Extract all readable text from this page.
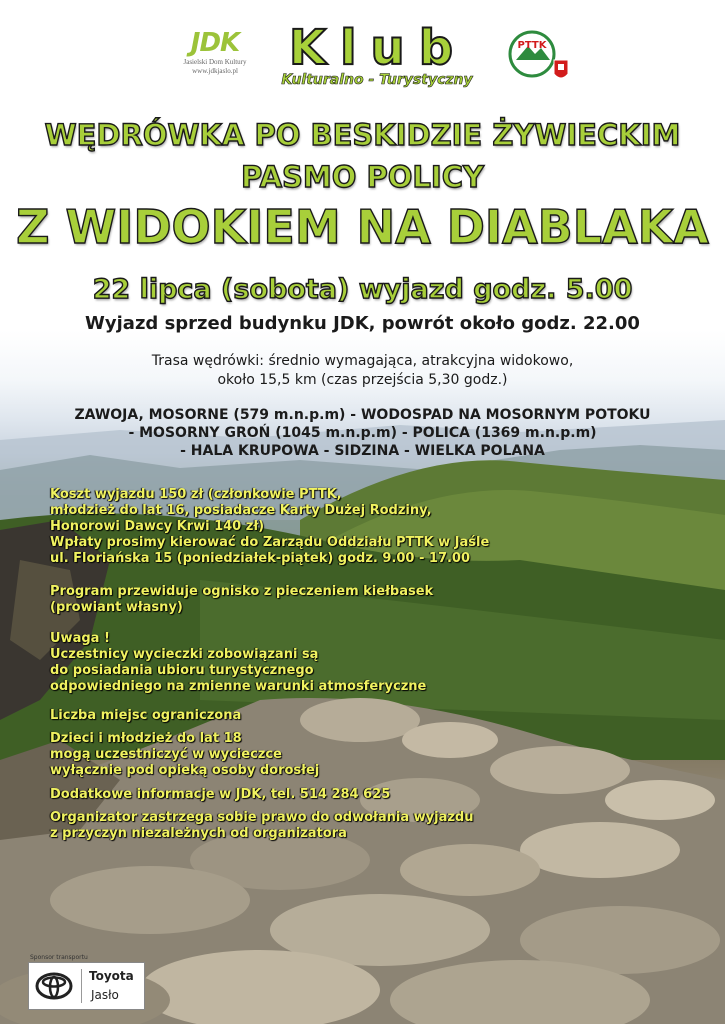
JDK
Jasielski Dom Kultury
www.jdkjaslo.pl	Klub
Kulturalno - Turystyczny
PTTK
WĘDRÓWKA PO BESKIDZIE ŻYWIECKIM
PASMO POLICY
Z WIDOKIEM NA DIABLAKA
22 lipca (sobota) wyjazd godz. 5.00
Wyjazd sprzed budynku JDK, powrót około godz. 22.00
Trasa wędrówki: średnio wymagająca, atrakcyjna widokowo,
około 15,5 km (czas przejścia 5,30 godz.)
ZAWOJA, MOSORNE (579 m.n.p.m) - WODOSPAD NA MOSORNYM POTOKU
- MOSORNY GROŃ (1045 m.n.p.m) - POLICA (1369 m.n.p.m)
- HALA KRUPOWA - SIDZINA - WIELKA POLANA
Koszt wyjazdu 150 zł (członkowie PTTK,
młodzież do lat 16, posiadacze Karty Dużej Rodziny,
Honorowi Dawcy Krwi 140 zł)
Wpłaty prosimy kierować do Zarządu Oddziału PTTK w Jaśle
ul. Floriańska 15 (poniedziałek-piątek) godz. 9.00 - 17.00
Program przewiduje ognisko z pieczeniem kiełbasek
(prowiant własny)
Uwaga !
Uczestnicy wycieczki zobowiązani są
do posiadania ubioru turystycznego
odpowiedniego na zmienne warunki atmosferyczne
Liczba miejsc ograniczona
Dzieci i młodzież do lat 18
mogą uczestniczyć w wycieczce
wyłącznie pod opieką osoby dorosłej
Dodatkowe informacje w JDK, tel. 514 284 625
Organizator zastrzega sobie prawo do odwołania wyjazdu
z przyczyn niezależnych od organizatora
Sponsor transportu
Toyota
Jasło
